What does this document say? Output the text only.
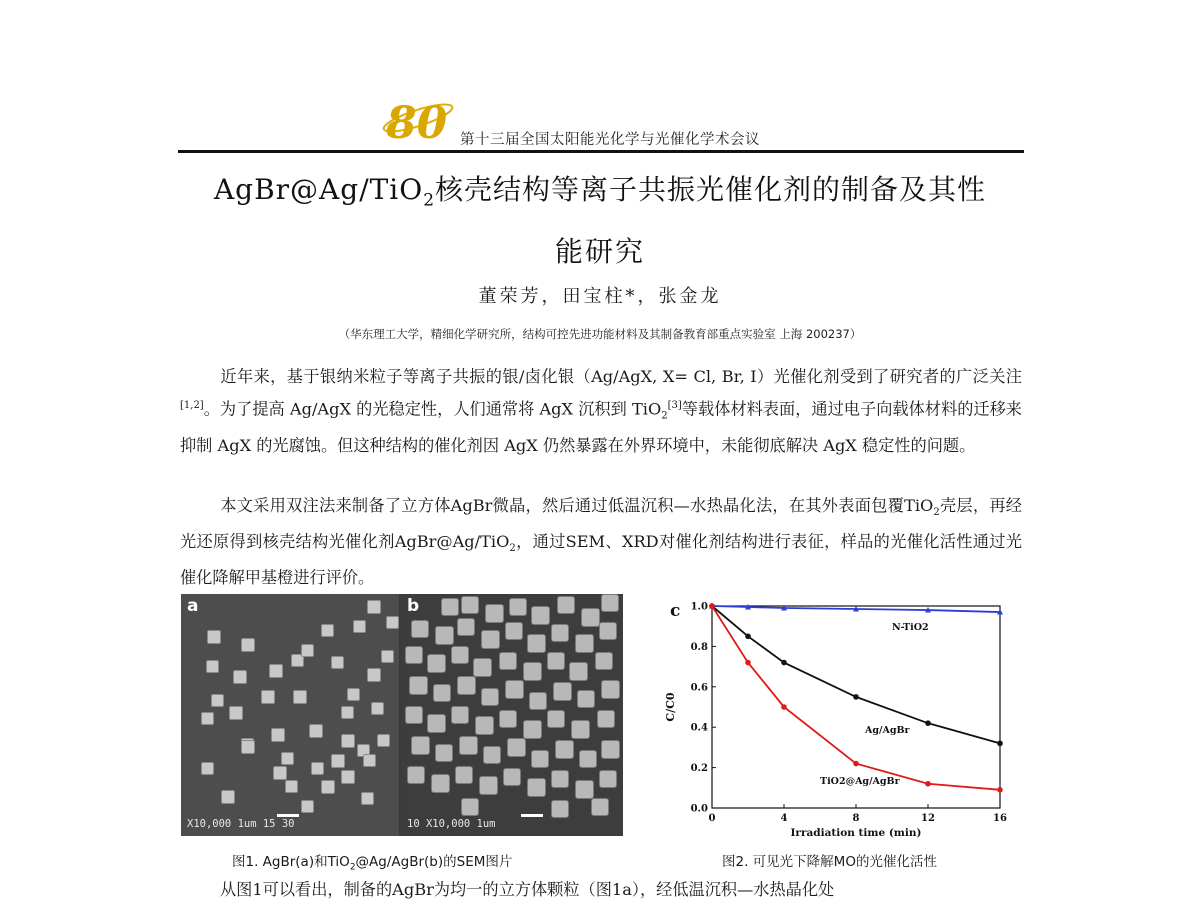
80 第十三届全国太阳能光化学与光催化学术会议
AgBr@Ag/TiO$_2$核壳结构等离子共振光催化剂的制备及其性
能研究
董荣芳，田宝柱*，张金龙
（华东理工大学，精细化学研究所，结构可控先进功能材料及其制备教育部重点实验室 上海 200237）

近年来，基于银纳米粒子等离子共振的银/卤化银（Ag/AgX, X= Cl, Br, I）光催化剂受到了研究者的广泛关注[1,2]。为了提高 Ag/AgX 的光稳定性，人们通常将 AgX 沉积到 TiO$_2$[3]等载体材料表面，通过电子向载体材料的迁移来抑制 AgX 的光腐蚀。但这种结构的催化剂因 AgX 仍然暴露在外界环境中，未能彻底解决 AgX 稳定性的问题。

本文采用双注法来制备了立方体AgBr微晶，然后通过低温沉积—水热晶化法，在其外表面包覆TiO$_2$壳层，再经光还原得到核壳结构光催化剂AgBr@Ag/TiO$_2$，通过SEM、XRD对催化剂结构进行表征，样品的光催化活性通过光催化降解甲基橙进行评价。

a
X10,000 1um 15 30
b
10 X10,000 1um
c
0	4	8	12	16
0.0
0.2
0.4
0.6
0.8
1.0
C/C0
Irradiation time (min)
N-TiO2
Ag/AgBr
TiO2@Ag/AgBr
图1. AgBr(a)和TiO$_2$@Ag/AgBr(b)的SEM图片	图2. 可见光下降解MO的光催化活性

从图1可以看出，制备的AgBr为均一的立方体颗粒（图1a），经低温沉积—水热晶化处
